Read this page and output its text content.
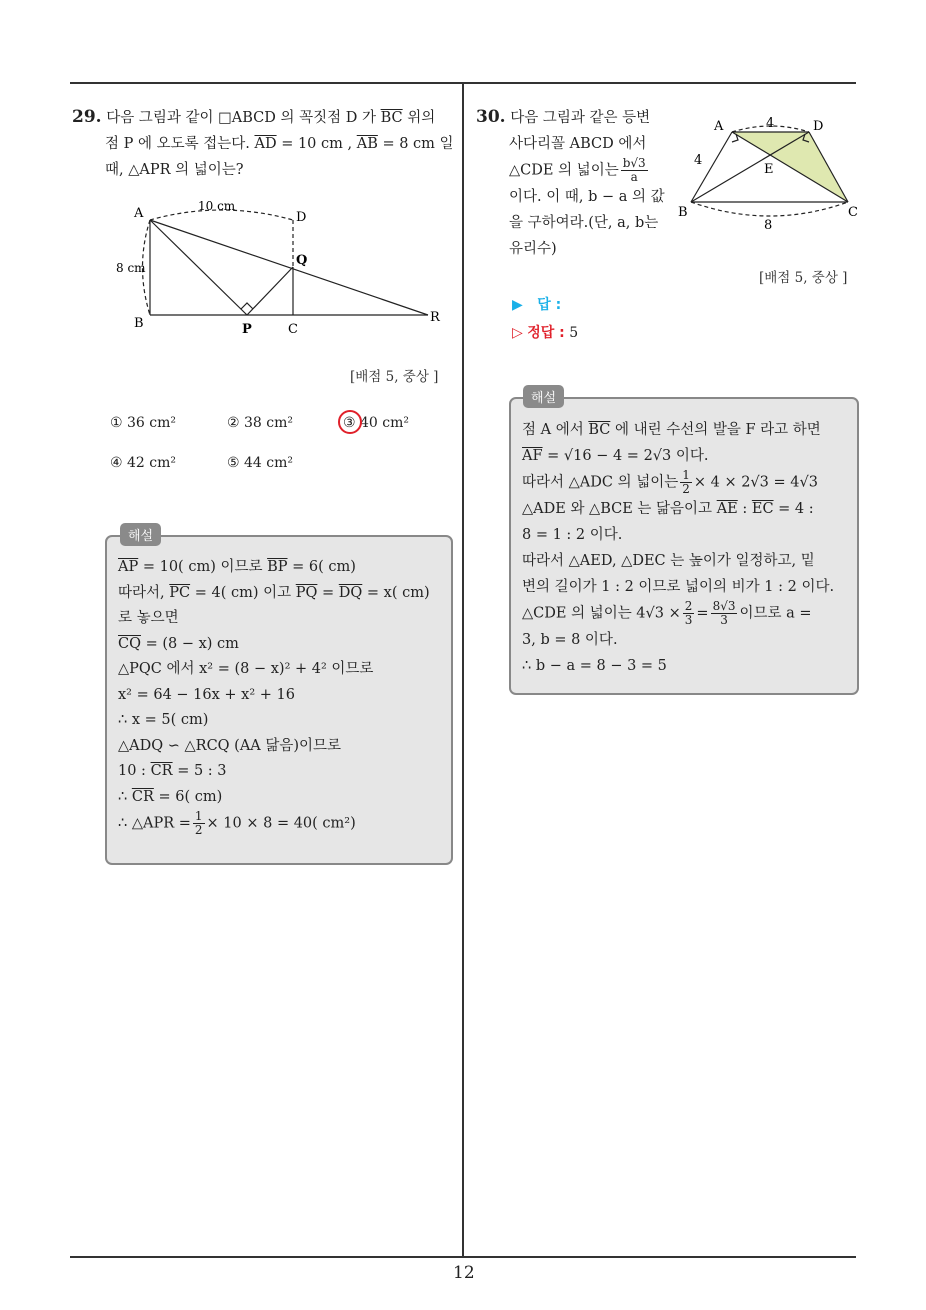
12
29. 다음 그림과 같이 □ABCD 의 꼭짓점 D 가 $\overline{BC}$ 위의
점 P 에 오도록 접는다. $\overline{AD} = 10$ cm , $\overline{AB} = 8$ cm 일
때, △APR 의 넓이는?
10 cm
A	D
8 cm	Q
R
B	P	C
[배점 5, 중상 ]
① 36 cm²	② 38 cm²	③ 40 cm²
④ 42 cm²	⑤ 44 cm²
$\overline{AP} = 10$( cm) 이므로 $\overline{BP} = 6$( cm)
따라서, $\overline{PC} = 4$( cm) 이고 $\overline{PQ} = \overline{DQ} = x$( cm)
로 놓으면
$\overline{CQ} = (8 - x)$ cm
△PQC 에서 x² = (8 − x)² + 4² 이므로
x² = 64 − 16x + x² + 16
∴ x = 5( cm)
△ADQ ∽ △RCQ (AA 닮음)이므로
10 : $\overline{CR} = 5$ : 3
∴ $\overline{CR} = 6$( cm)
∴ △APR = $\frac{1}{2} \times 10 \times 8 = 40$( cm²)
해설
30. 다음 그림과 같은 등변
사다리꼴 ABCD 에서
△CDE 의 넓이는 $\frac{b√3}{a}$
이다. 이 때, b − a 의 값
을 구하여라.(단, a, b는
유리수)
A	4	D
4
E
B	C
8
[배점 5, 중상 ]
▶ 답 :
▷ 정답 : 5
점 A 에서 $\overline{BC}$ 에 내린 수선의 발을 F 라고 하면
$\overline{AF} = √16 - 4 = 2√3$ 이다.
따라서 △ADC 의 넓이는 $\frac{1}{2} \times 4 \times 2√3 = 4√3$
△ADE 와 △BCE 는 닮음이고 $\overline{AE}$ : $\overline{EC} = 4$ :
8 = 1 : 2 이다.
따라서 △AED, △DEC 는 높이가 일정하고, 밑
변의 길이가 1 : 2 이므로 넓이의 비가 1 : 2 이다.
△CDE 의 넓이는 $4√3 \times \frac{2}{3} = \frac{8√3}{3}$ 이므로 a =
3, b = 8 이다.
∴ b − a = 8 − 3 = 5
해설
